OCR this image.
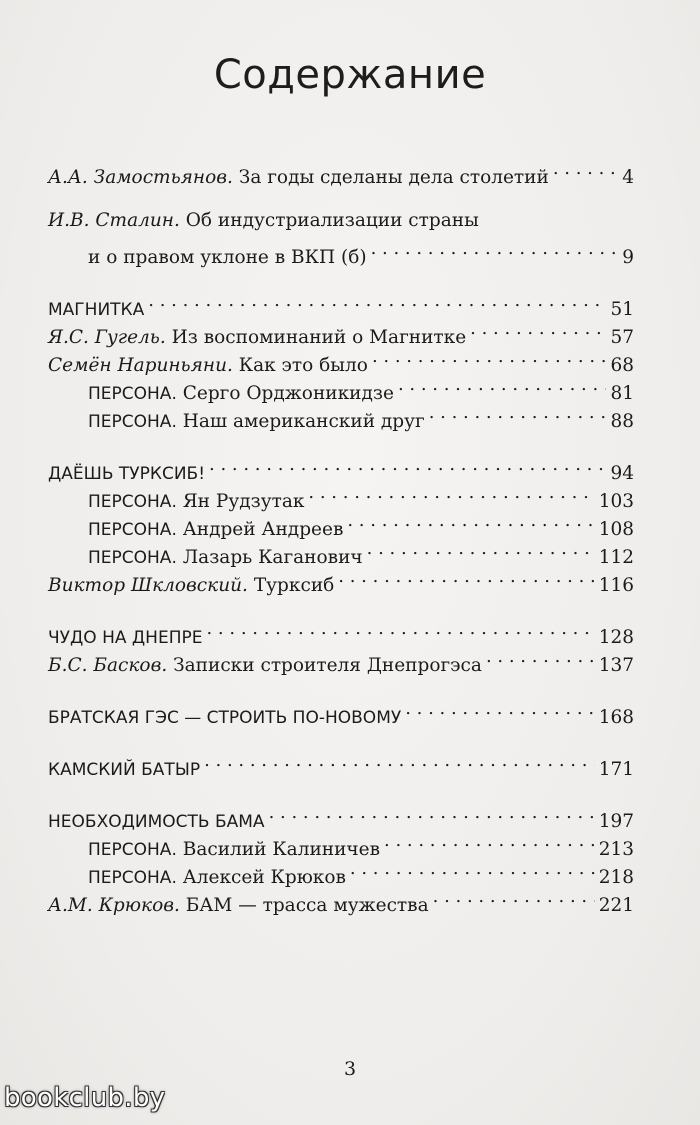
Содержание
А.А. Замостьянов. За годы сделаны дела столетий . . .	4
И.В. Сталин. Об индустриализации страны
и о правом уклоне в ВКП (б) . . .	9
МАГНИТКА . . .	51
Я.С. Гугель. Из воспоминаний о Магнитке . . .	57
Семён Нариньяни. Как это было . . .	68
ПЕРСОНА. Серго Орджоникидзе . . .	81
ПЕРСОНА. Наш американский друг . . .	88
ДАЁШЬ ТУРКСИБ! . . .	94
ПЕРСОНА. Ян Рудзутак . . .	103
ПЕРСОНА. Андрей Андреев . . .	108
ПЕРСОНА. Лазарь Каганович . . .	112
Виктор Шкловский. Турксиб . . .	116
ЧУДО НА ДНЕПРЕ . . .	128
Б.С. Басков. Записки строителя Днепрогэса . . .	137
БРАТСКАЯ ГЭС — СТРОИТЬ ПО-НОВОМУ . . .	168
КАМСКИЙ БАТЫР . . .	171
НЕОБХОДИМОСТЬ БАМА . . .	197
ПЕРСОНА. Василий Калиничев . . .	213
ПЕРСОНА. Алексей Крюков . . .	218
А.М. Крюков. БАМ — трасса мужества . . .	221
3
bookclub.by
